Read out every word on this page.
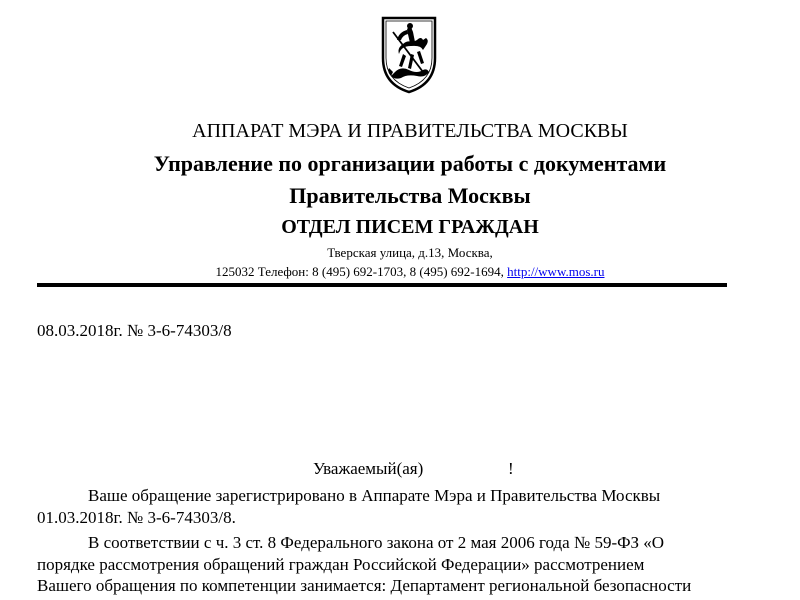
АППАРАТ МЭРА И ПРАВИТЕЛЬСТВА МОСКВЫ
Управление по организации работы с документами
Правительства Москвы
ОТДЕЛ ПИСЕМ ГРАЖДАН
Тверская улица, д.13, Москва,
125032 Телефон: 8 (495) 692-1703, 8 (495) 692-1694, http://www.mos.ru
08.03.2018г. № 3-6-74303/8
Уважаемый(ая)	!
Ваше обращение зарегистрировано в Аппарате Мэра и Правительства Москвы
01.03.2018г. № 3-6-74303/8.
В соответствии с ч. 3 ст. 8 Федерального закона от 2 мая 2006 года № 59-ФЗ «О
порядке рассмотрения обращений граждан Российской Федерации» рассмотрением
Вашего обращения по компетенции занимается: Департамент региональной безопасности
